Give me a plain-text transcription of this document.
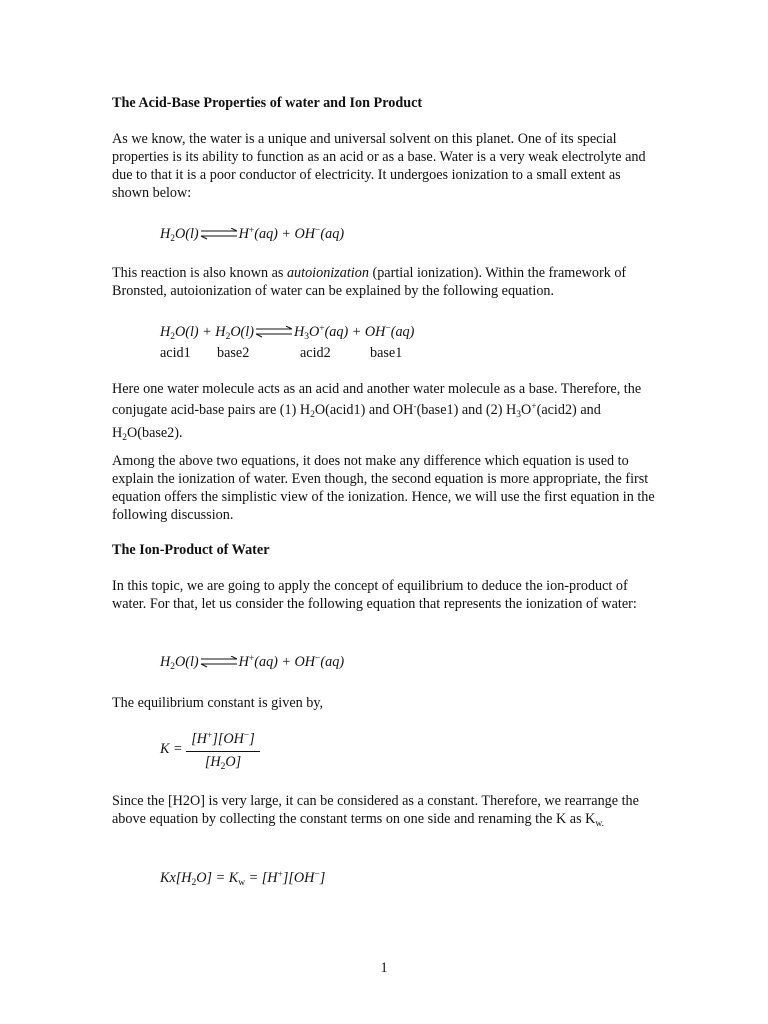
The Acid-Base Properties of water and Ion Product

As we know, the water is a unique and universal solvent on this planet. One of its special properties is its ability to function as an acid or as a base. Water is a very weak electrolyte and due to that it is a poor conductor of electricity. It undergoes ionization to a small extent as shown below:

$H_2O(l)\rightleftharpoons H^+(aq) + OH^-(aq)$

This reaction is also known as autoionization (partial ionization). Within the framework of Bronsted, autoionization of water can be explained by the following equation.

$H_2O(l)$ + $H_2O(l)\rightleftharpoons H_3O^+(aq) + OH^-(aq)$
acid1 base2	acid2	base1

Here one water molecule acts as an acid and another water molecule as a base. Therefore, the conjugate acid-base pairs are (1) $H_2O(acid1)$ and OH-(base1) and (2) $H_3O^+(acid2)$ and $H_2O(base2)$.

Among the above two equations, it does not make any difference which equation is used to explain the ionization of water. Even though, the second equation is more appropriate, the first equation offers the simplistic view of the ionization. Hence, we will use the first equation in the following discussion.

The Ion-Product of Water

In this topic, we are going to apply the concept of equilibrium to deduce the ion-product of water. For that, let us consider the following equation that represents the ionization of water:

$H_2O(l)\rightleftharpoons H^+(aq) + OH^-(aq)$

The equilibrium constant is given by,

K =
[H+][OH−]
$[H_2O]$

Since the [H2O] is very large, it can be considered as a constant. Therefore, we rearrange the above equation by collecting the constant terms on one side and renaming the K as $K_{w.}$

$Kx[H_2O] = K_w = [H^+][OH^-]$
1
